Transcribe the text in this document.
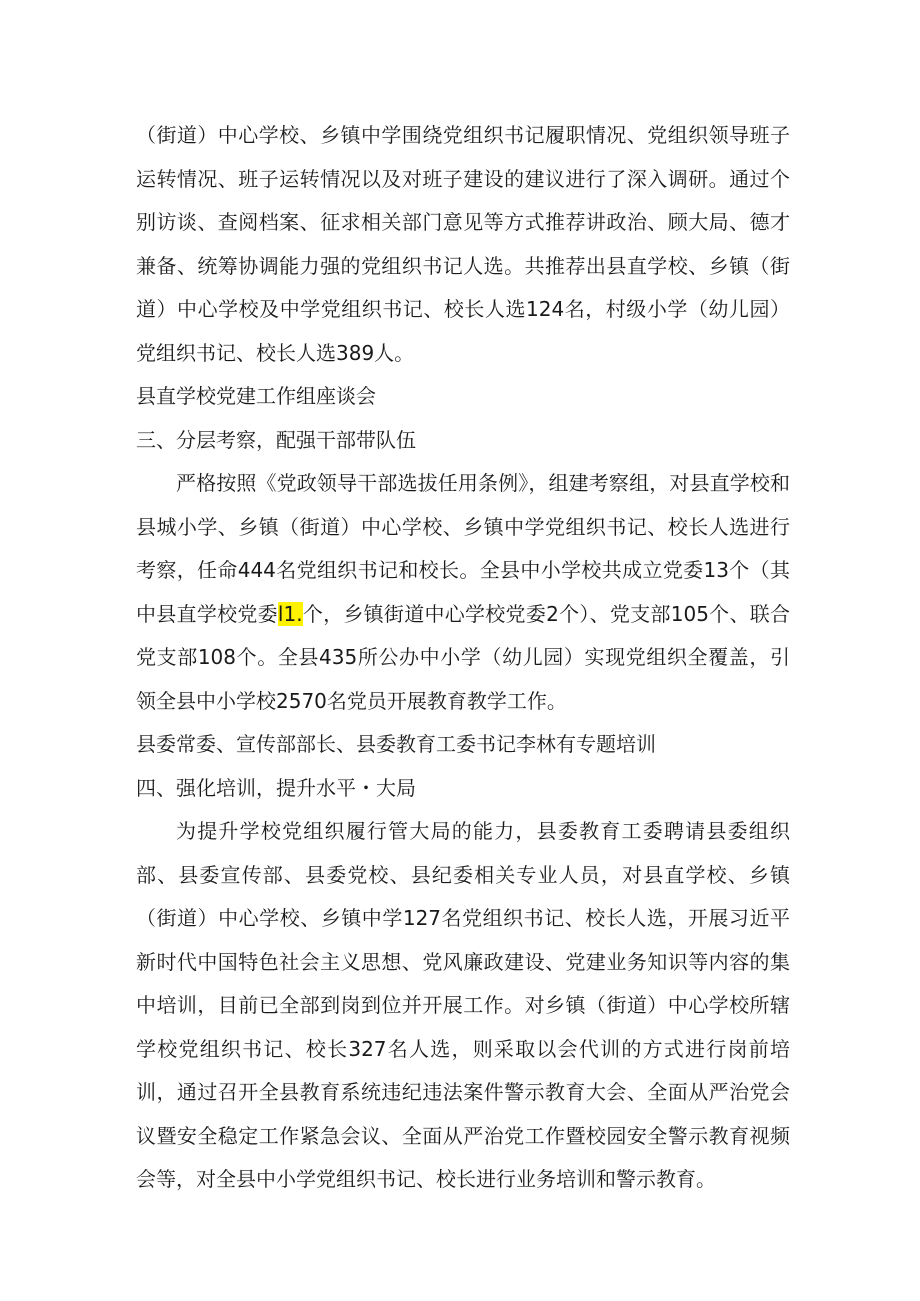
（街道）中心学校、乡镇中学围绕党组织书记履职情况、党组织领导班子运转情况、班子运转情况以及对班子建设的建议进行了深入调研。通过个别访谈、查阅档案、征求相关部门意见等方式推荐讲政治、顾大局、德才兼备、统筹协调能力强的党组织书记人选。共推荐出县直学校、乡镇（街道）中心学校及中学党组织书记、校长人选124名，村级小学（幼儿园）党组织书记、校长人选389人。

县直学校党建工作组座谈会

三、分层考察，配强干部带队伍

严格按照《党政领导干部选拔任用条例》，组建考察组，对县直学校和县城小学、乡镇（街道）中心学校、乡镇中学党组织书记、校长人选进行考察，任命444名党组织书记和校长。全县中小学校共成立党委13个（其中县直学校党委l1.个，乡镇街道中心学校党委2个）、党支部105个、联合党支部108个。全县435所公办中小学（幼儿园）实现党组织全覆盖，引领全县中小学校2570名党员开展教育教学工作。

县委常委、宣传部部长、县委教育工委书记李林有专题培训

四、强化培训，提升水平・大局

为提升学校党组织履行管大局的能力，县委教育工委聘请县委组织部、县委宣传部、县委党校、县纪委相关专业人员，对县直学校、乡镇（街道）中心学校、乡镇中学127名党组织书记、校长人选，开展习近平新时代中国特色社会主义思想、党风廉政建设、党建业务知识等内容的集中培训，目前已全部到岗到位并开展工作。对乡镇（街道）中心学校所辖学校党组织书记、校长327名人选，则采取以会代训的方式进行岗前培训，通过召开全县教育系统违纪违法案件警示教育大会、全面从严治党会议暨安全稳定工作紧急会议、全面从严治党工作暨校园安全警示教育视频会等，对全县中小学党组织书记、校长进行业务培训和警示教育。
